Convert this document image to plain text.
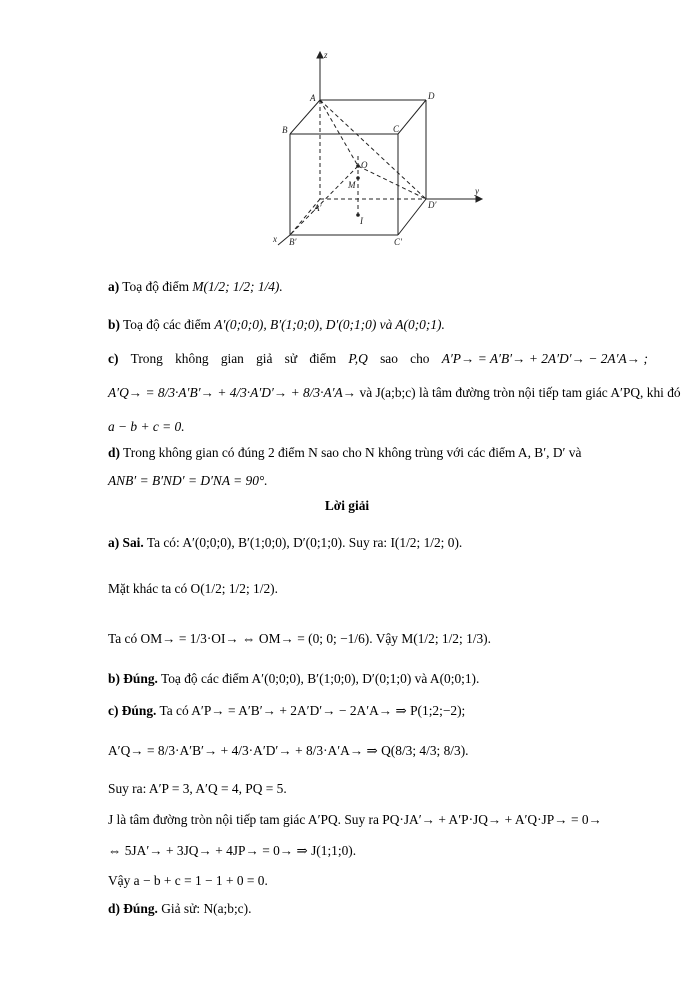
z
y
x
A	D
B	C
O
M
I
A′	D′
B′	C′
a) Toạ độ điểm M(1/2; 1/2; 1/4).
b) Toạ độ các điểm A′(0;0;0), B′(1;0;0), D′(0;1;0) và A(0;0;1).
c) Trong không gian giả sử điểm P,Q sao cho A′P→ = A′B′→ + 2A′D′→ − 2A′A→ ;
A′Q→ = 8/3·A′B′→ + 4/3·A′D′→ + 8/3·A′A→ và J(a;b;c) là tâm đường tròn nội tiếp tam giác A′PQ, khi đó
a − b + c = 0.
d) Trong không gian có đúng 2 điểm N sao cho N không trùng với các điểm A, B′, D′ và
ANB′ = B′ND′ = D′NA = 90°.
Lời giải
a) Sai. Ta có: A′(0;0;0), B′(1;0;0), D′(0;1;0). Suy ra: I(1/2; 1/2; 0).
Mặt khác ta có O(1/2; 1/2; 1/2).
Ta có OM→ = 1/3·OI→ ⇔ OM→ = (0; 0; −1/6). Vậy M(1/2; 1/2; 1/3).
b) Đúng. Toạ độ các điểm A′(0;0;0), B′(1;0;0), D′(0;1;0) và A(0;0;1).
c) Đúng. Ta có A′P→ = A′B′→ + 2A′D′→ − 2A′A→ ⇒ P(1;2;−2);
A′Q→ = 8/3·A′B′→ + 4/3·A′D′→ + 8/3·A′A→ ⇒ Q(8/3; 4/3; 8/3).
Suy ra: A′P = 3, A′Q = 4, PQ = 5.
J là tâm đường tròn nội tiếp tam giác A′PQ. Suy ra PQ·JA′→ + A′P·JQ→ + A′Q·JP→ = 0→
⇔ 5JA′→ + 3JQ→ + 4JP→ = 0→ ⇒ J(1;1;0).
Vậy a − b + c = 1 − 1 + 0 = 0.
d) Đúng. Giả sử: N(a;b;c).
